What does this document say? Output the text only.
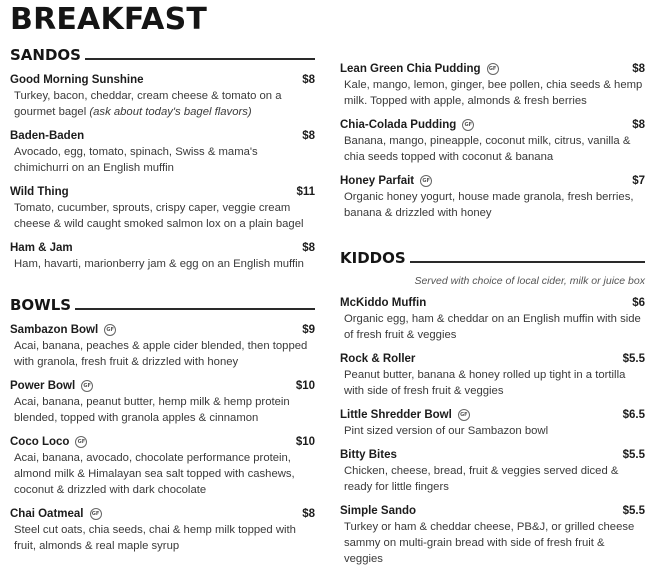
BREAKFAST
SANDOS
Good Morning Sunshine	$8
Turkey, bacon, cheddar, cream cheese & tomato on a gourmet bagel (ask about today's bagel flavors)
Baden-Baden	$8
Avocado, egg, tomato, spinach, Swiss & mama's chimichurri on an English muffin
Wild Thing	$11
Tomato, cucumber, sprouts, crispy caper, veggie cream cheese & wild caught smoked salmon lox on a plain bagel
Ham & Jam	$8
Ham, havarti, marionberry jam & egg on an English muffin
BOWLS
Sambazon Bowl	GF	$9
Acai, banana, peaches & apple cider blended, then topped with granola, fresh fruit & drizzled with honey
Power Bowl	GF	$10
Acai, banana, peanut butter, hemp milk & hemp protein blended, topped with granola apples & cinnamon
Coco Loco	GF	$10
Acai, banana, avocado, chocolate performance protein, almond milk & Himalayan sea salt topped with cashews, coconut & drizzled with dark chocolate
Chai Oatmeal	GF	$8
Steel cut oats, chia seeds, chai & hemp milk topped with fruit, almonds & real maple syrup
Lean Green Chia Pudding	GF	$8
Kale, mango, lemon, ginger, bee pollen, chia seeds & hemp milk. Topped with apple, almonds & fresh berries
Chia-Colada Pudding	GF	$8
Banana, mango, pineapple, coconut milk, citrus, vanilla & chia seeds topped with coconut & banana
Honey Parfait	GF	$7
Organic honey yogurt, house made granola, fresh berries, banana & drizzled with honey
KIDDOS
Served with choice of local cider, milk or juice box
McKiddo Muffin	$6
Organic egg, ham & cheddar on an English muffin with side of fresh fruit & veggies
Rock & Roller	$5.5
Peanut butter, banana & honey rolled up tight in a tortilla with side of fresh fruit & veggies
Little Shredder Bowl	GF	$6.5
Pint sized version of our Sambazon bowl
Bitty Bites	$5.5
Chicken, cheese, bread, fruit & veggies served diced & ready for little fingers
Simple Sando	$5.5
Turkey or ham & cheddar cheese, PB&J, or grilled cheese sammy on multi-grain bread with side of fresh fruit & veggies
